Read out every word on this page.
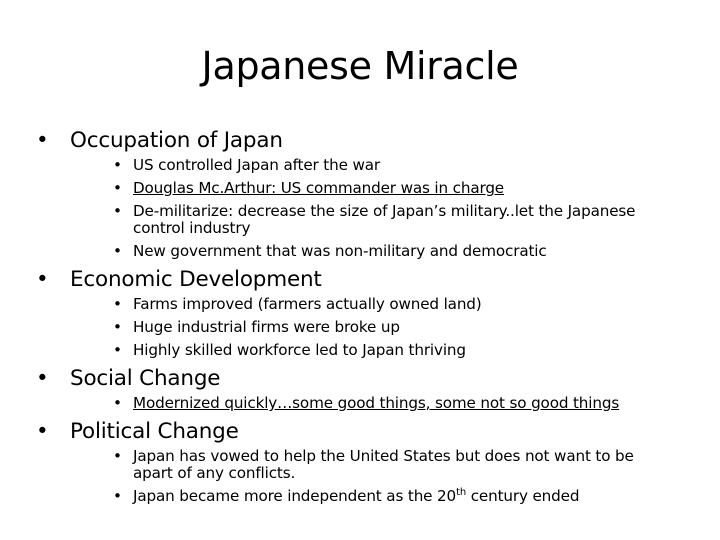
Japanese Miracle
• Occupation of Japan
• US controlled Japan after the war
• Douglas Mc.Arthur: US commander was in charge
• De-militarize: decrease the size of Japan’s military..let the Japanese control industry
• New government that was non-military and democratic
• Economic Development
• Farms improved (farmers actually owned land)
• Huge industrial firms were broke up
• Highly skilled workforce led to Japan thriving
• Social Change
• Modernized quickly…some good things, some not so good things
• Political Change
• Japan has vowed to help the United States but does not want to be apart of any conflicts.
• Japan became more independent as the 20th century ended
